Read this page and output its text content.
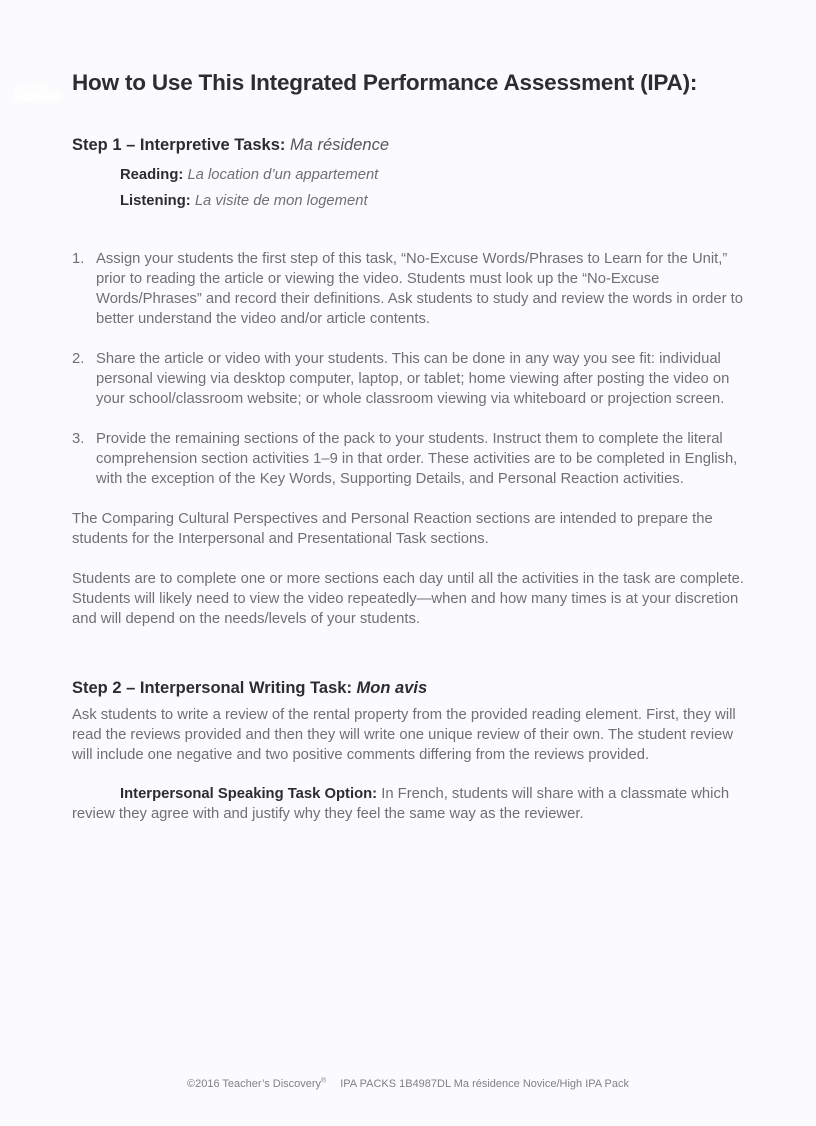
How to Use This Integrated Performance Assessment (IPA):
Step 1 – Interpretive Tasks: Ma résidence
Reading: La location d’un appartement
Listening: La visite de mon logement
1. Assign your students the first step of this task, “No-Excuse Words/Phrases to Learn for the Unit,” prior to reading the article or viewing the video. Students must look up the “No-Excuse Words/Phrases” and record their definitions. Ask students to study and review the words in order to better understand the video and/or article contents.
2. Share the article or video with your students. This can be done in any way you see fit: individual personal viewing via desktop computer, laptop, or tablet; home viewing after posting the video on your school/classroom website; or whole classroom viewing via whiteboard or projection screen.
3. Provide the remaining sections of the pack to your students. Instruct them to complete the literal comprehension section activities 1–9 in that order. These activities are to be completed in English, with the exception of the Key Words, Supporting Details, and Personal Reaction activities.
The Comparing Cultural Perspectives and Personal Reaction sections are intended to prepare the students for the Interpersonal and Presentational Task sections.
Students are to complete one or more sections each day until all the activities in the task are complete. Students will likely need to view the video repeatedly—when and how many times is at your discretion and will depend on the needs/levels of your students.
Step 2 – Interpersonal Writing Task: Mon avis
Ask students to write a review of the rental property from the provided reading element. First, they will read the reviews provided and then they will write one unique review of their own. The student review will include one negative and two positive comments differing from the reviews provided.
Interpersonal Speaking Task Option: In French, students will share with a classmate which review they agree with and justify why they feel the same way as the reviewer.
©2016 Teacher’s Discovery® IPA PACKS 1B4987DL Ma résidence Novice/High IPA Pack
